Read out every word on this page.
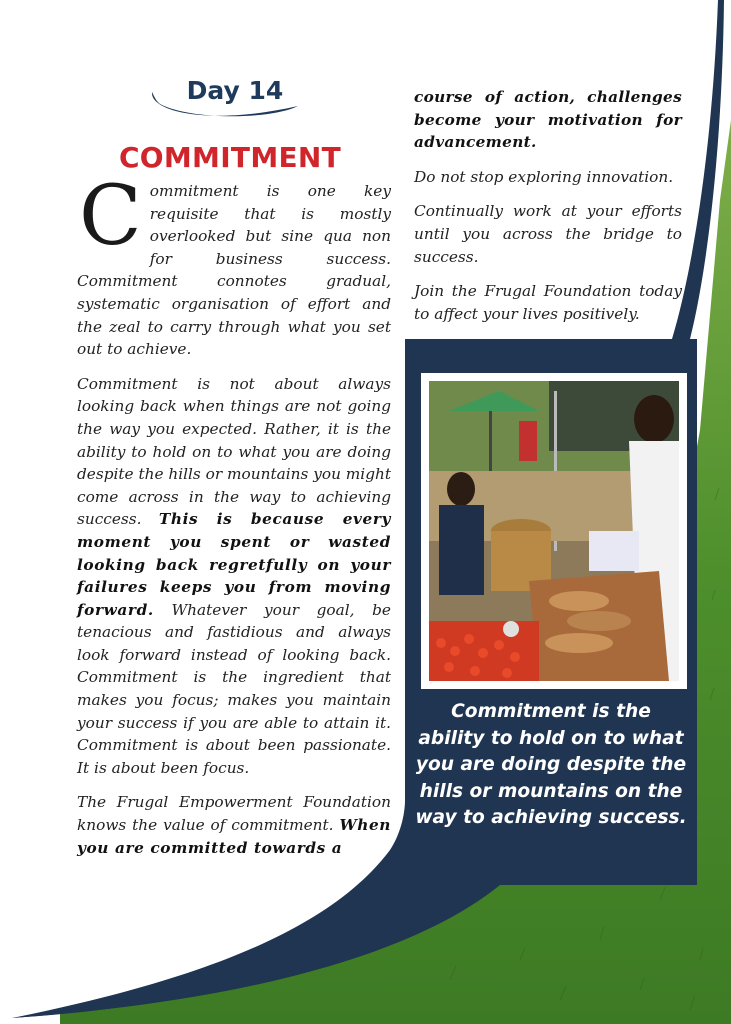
Day 14
COMMITMENT

Commitment is one key requisite that is mostly overlooked but sine qua non for business success. Commitment connotes gradual, systematic organisation of effort and the zeal to carry through what you set out to achieve.

Commitment is not about always looking back when things are not going the way you expected. Rather, it is the ability to hold on to what you are doing despite the hills or mountains you might come across in the way to achieving success. This is because every moment you spent or wasted looking back regretfully on your failures keeps you from moving forward. Whatever your goal, be tenacious and fastidious and always look forward instead of looking back. Commitment is the ingredient that makes you focus; makes you maintain your success if you are able to attain it. Commitment is about been passionate. It is about been focus.

The Frugal Empowerment Foundation knows the value of commitment. When you are committed towards a

course of action, challenges become your motivation for advancement.

Do not stop exploring innovation.

Continually work at your efforts until you across the bridge to success.

Join the Frugal Foundation today to affect your lives positively.

Commitment is the ability to hold on to what you are doing despite the hills or mountains on the way to achieving success.
